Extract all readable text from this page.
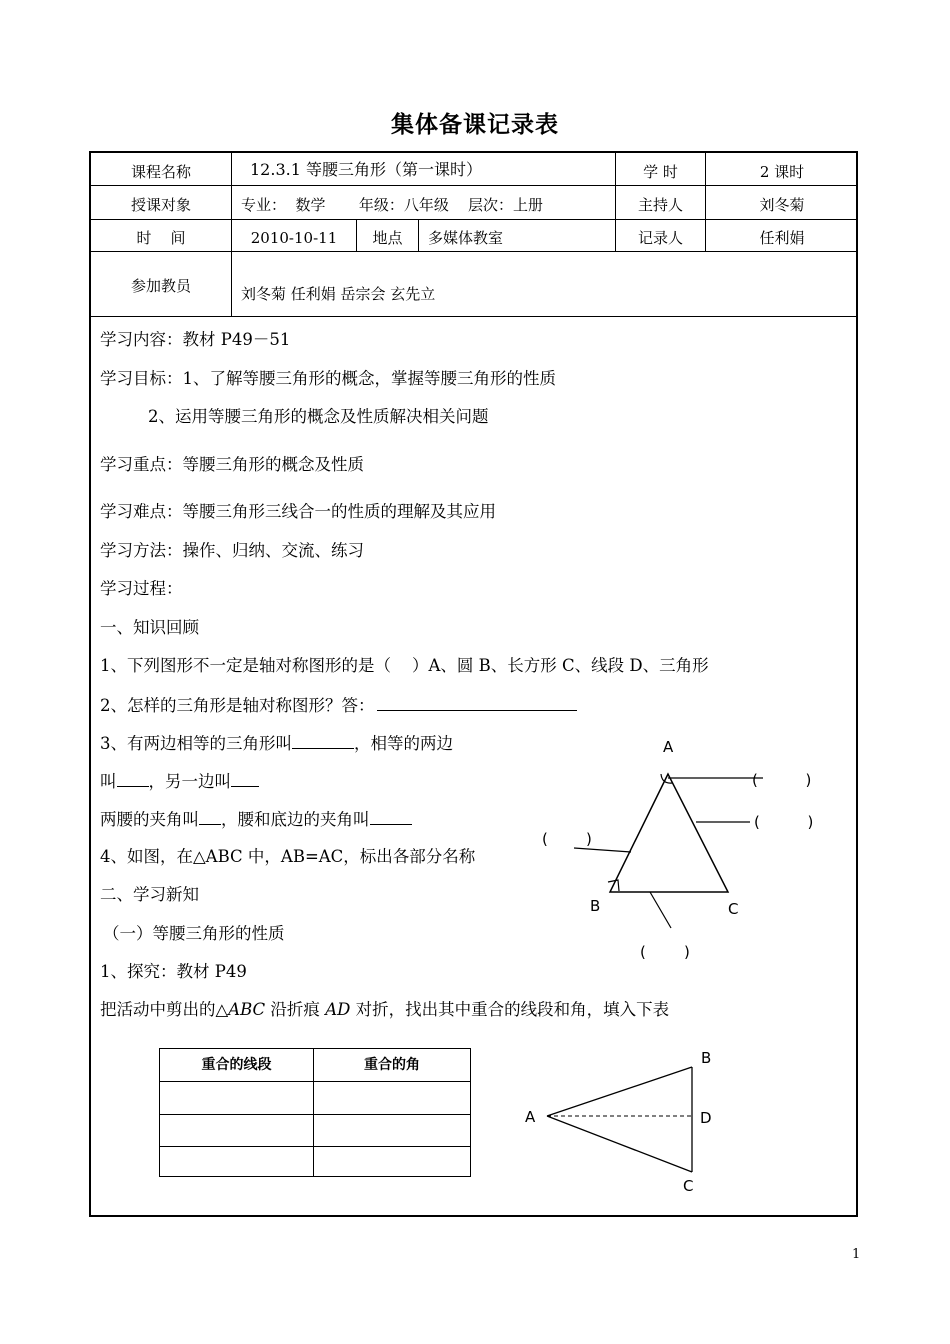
集体备课记录表
课程名称	12.3.1 等腰三角形（第一课时）	学 时	2 课时
授课对象	专业：  数学       年级：八年级    层次：上册	主持人	刘冬菊
时    间	2010-10-11	地点	多媒体教室	记录人	任利娟
参加教员	刘冬菊 任利娟 岳宗会 玄先立
学习内容：教材 P49－51
学习目标：1、了解等腰三角形的概念，掌握等腰三角形的性质
2、运用等腰三角形的概念及性质解决相关问题
学习重点：等腰三角形的概念及性质
学习难点：等腰三角形三线合一的性质的理解及其应用
学习方法：操作、归纳、交流、练习
学习过程：
一、知识回顾
1、下列图形不一定是轴对称图形的是（    ）A、圆 B、长方形 C、线段 D、三角形
2、怎样的三角形是轴对称图形？答：
3、有两边相等的三角形叫	，相等的两边
叫 ，另一边叫
两腰的夹角叫 ，腰和底边的夹角叫
4、如图，在△ABC 中，AB=AC，标出各部分名称
二、学习新知
（一）等腰三角形的性质
1、探究：教材 P49
把活动中剪出的△ABC 沿折痕 AD 对折，找出其中重合的线段和角，填入下表
A
B	C
(          )
(          )
(        )
(        )
重合的线段	重合的角
A
B
D
C
1
